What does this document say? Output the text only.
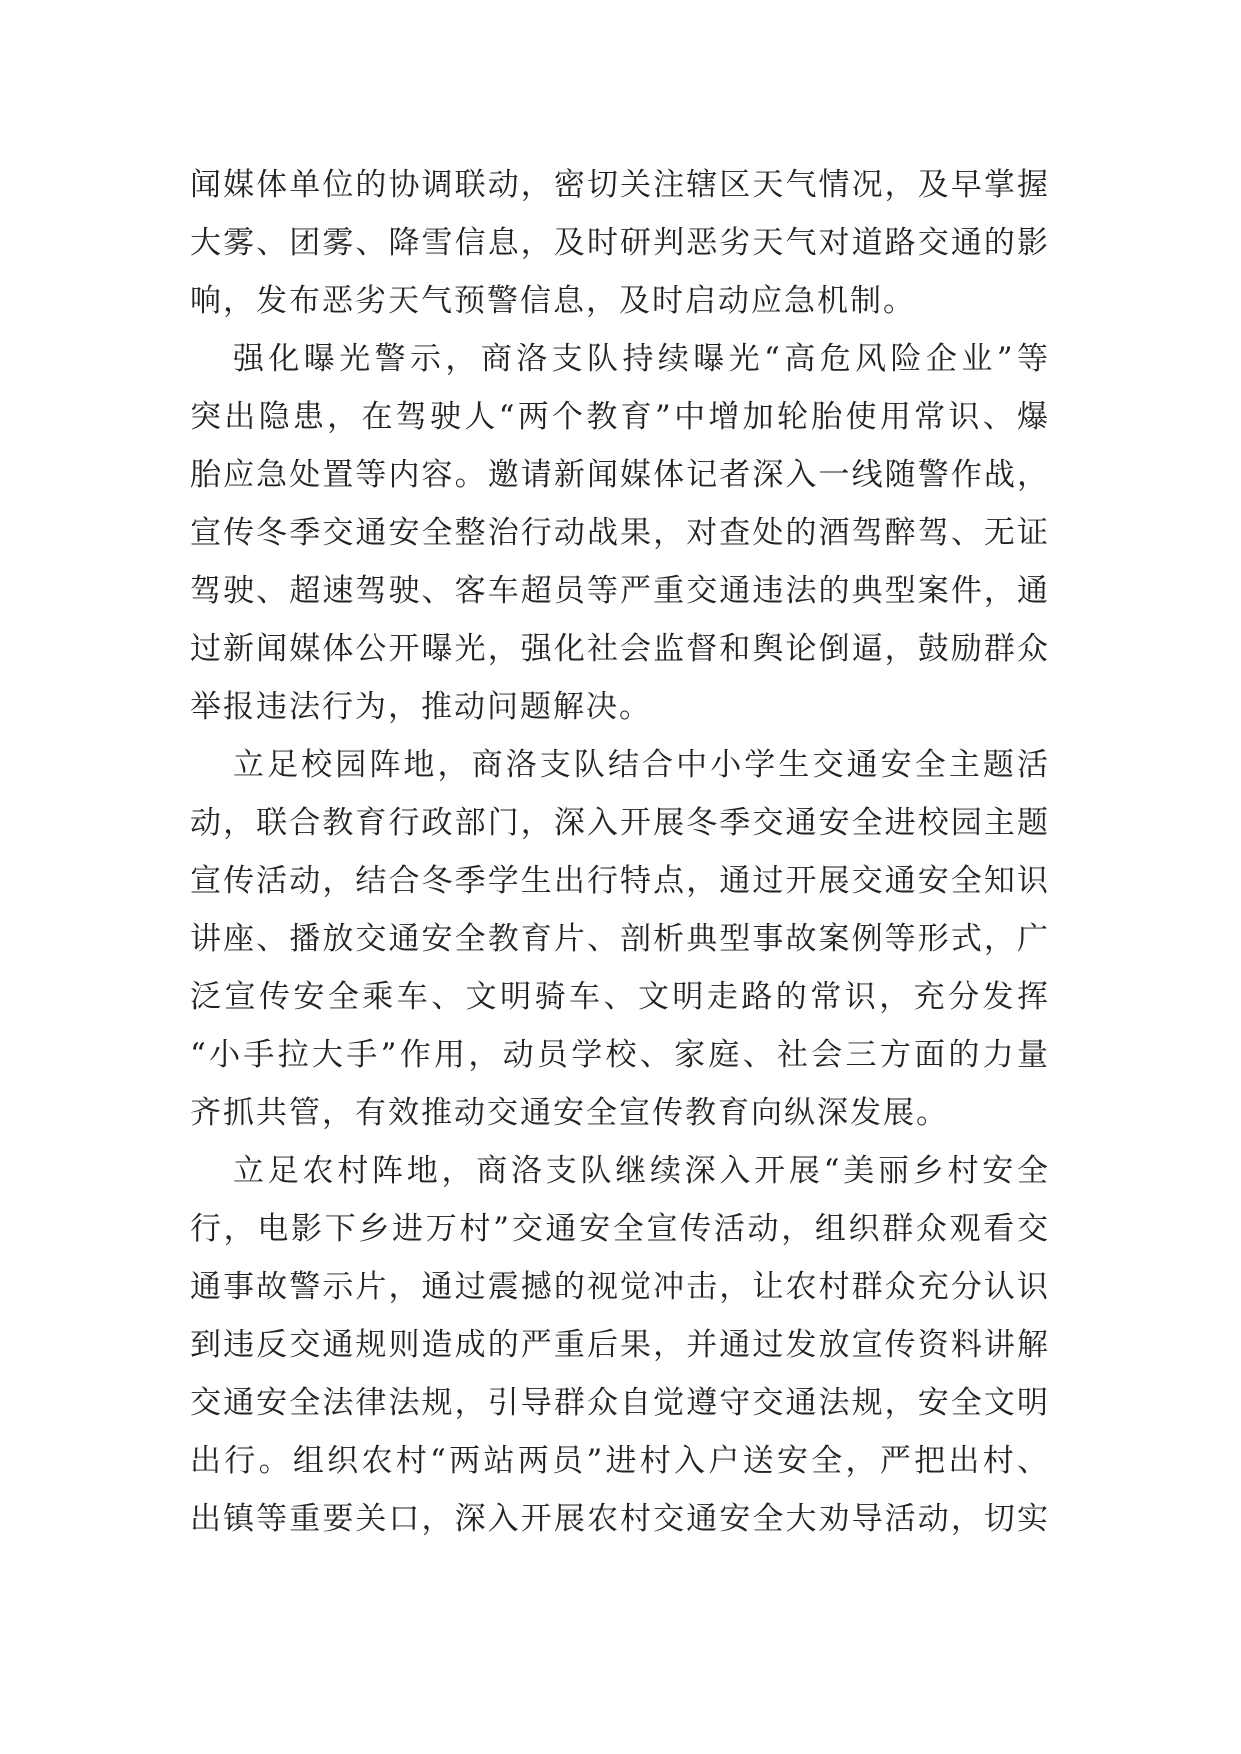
闻媒体单位的协调联动，密切关注辖区天气情况，及早掌握
大雾、团雾、降雪信息，及时研判恶劣天气对道路交通的影
响，发布恶劣天气预警信息，及时启动应急机制。
强化曝光警示，商洛支队持续曝光“高危风险企业”等
突出隐患，在驾驶人“两个教育”中增加轮胎使用常识、爆
胎应急处置等内容。邀请新闻媒体记者深入一线随警作战，
宣传冬季交通安全整治行动战果，对查处的酒驾醉驾、无证
驾驶、超速驾驶、客车超员等严重交通违法的典型案件，通
过新闻媒体公开曝光，强化社会监督和舆论倒逼，鼓励群众
举报违法行为，推动问题解决。
立足校园阵地，商洛支队结合中小学生交通安全主题活
动，联合教育行政部门，深入开展冬季交通安全进校园主题
宣传活动，结合冬季学生出行特点，通过开展交通安全知识
讲座、播放交通安全教育片、剖析典型事故案例等形式，广
泛宣传安全乘车、文明骑车、文明走路的常识，充分发挥
“小手拉大手”作用，动员学校、家庭、社会三方面的力量
齐抓共管，有效推动交通安全宣传教育向纵深发展。
立足农村阵地，商洛支队继续深入开展“美丽乡村安全
行，电影下乡进万村”交通安全宣传活动，组织群众观看交
通事故警示片，通过震撼的视觉冲击，让农村群众充分认识
到违反交通规则造成的严重后果，并通过发放宣传资料讲解
交通安全法律法规，引导群众自觉遵守交通法规，安全文明
出行。组织农村“两站两员”进村入户送安全，严把出村、
出镇等重要关口，深入开展农村交通安全大劝导活动，切实
